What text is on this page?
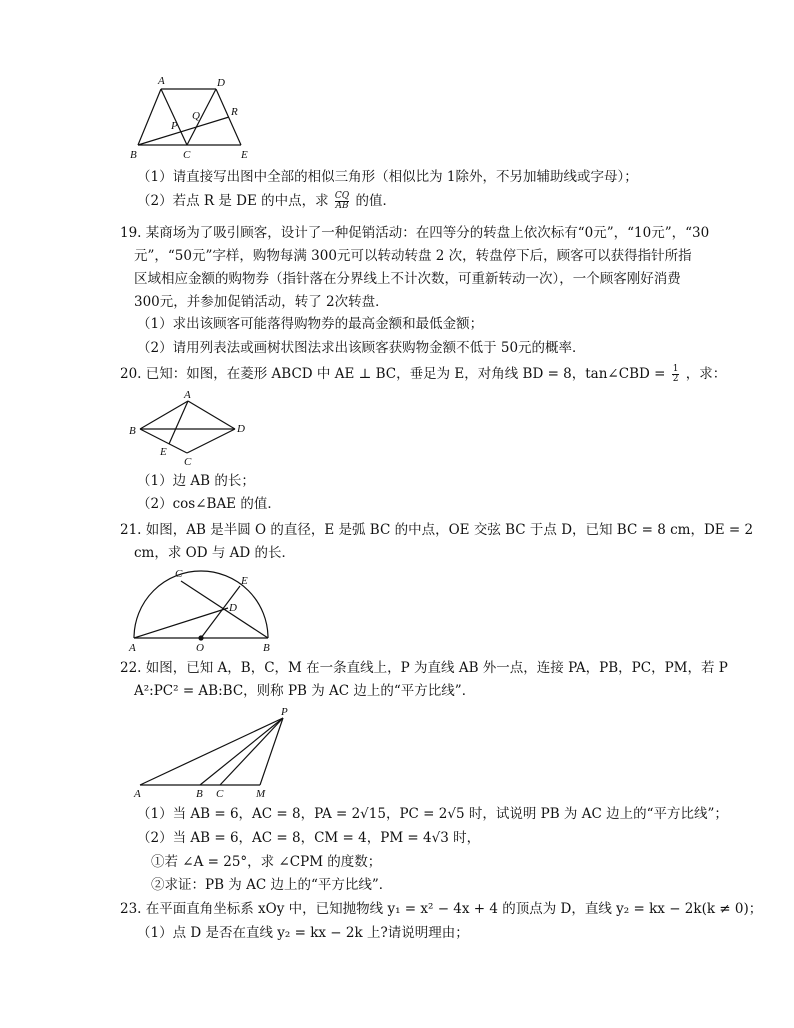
A	D
R
Q
P
B	C	E
（1）请直接写出图中全部的相似三角形（相似比为 1除外，不另加辅助线或字母）；
（2）若点 R 是 DE 的中点，求 $\frac{CQ}{AB}$ 的值．
19. 某商场为了吸引顾客，设计了一种促销活动：在四等分的转盘上依次标有“0元”，“10元”，“30
元”，“50元”字样，购物每满 300元可以转动转盘 2 次，转盘停下后，顾客可以获得指针所指
区域相应金额的购物券（指针落在分界线上不计次数，可重新转动一次），一个顾客刚好消费
300元，并参加促销活动，转了 2次转盘．
（1）求出该顾客可能落得购物券的最高金额和最低金额；
（2）请用列表法或画树状图法求出该顾客获购物金额不低于 50元的概率．
20. 已知：如图，在菱形 ABCD 中 AE ⊥ BC，垂足为 E，对角线 BD = 8，tan∠CBD = $\frac{1}{2}$ ，求：
A
B	D
E
C
（1）边 AB 的长；
（2）cos∠BAE 的值．
21. 如图，AB 是半圆 O 的直径，E 是弧 BC 的中点，OE 交弦 BC 于点 D，已知 BC = 8 cm，DE = 2
cm，求 OD 与 AD 的长．
C
E
D
A	O	B
22. 如图，已知 A，B，C，M 在一条直线上，P 为直线 AB 外一点，连接 PA，PB，PC，PM，若 P
A²:PC² = AB:BC，则称 PB 为 AC 边上的“平方比线”．
P
A	B C	M
（1）当 AB = 6，AC = 8，PA = 2√15，PC = 2√5 时，试说明 PB 为 AC 边上的“平方比线”；
（2）当 AB = 6，AC = 8，CM = 4，PM = 4√3 时，
①若 ∠A = 25°，求 ∠CPM 的度数；
②求证：PB 为 AC 边上的“平方比线”．
23. 在平面直角坐标系 xOy 中，已知抛物线 y₁ = x² − 4x + 4 的顶点为 D，直线 y₂ = kx − 2k(k ≠ 0)；
（1）点 D 是否在直线 y₂ = kx − 2k 上?请说明理由；
